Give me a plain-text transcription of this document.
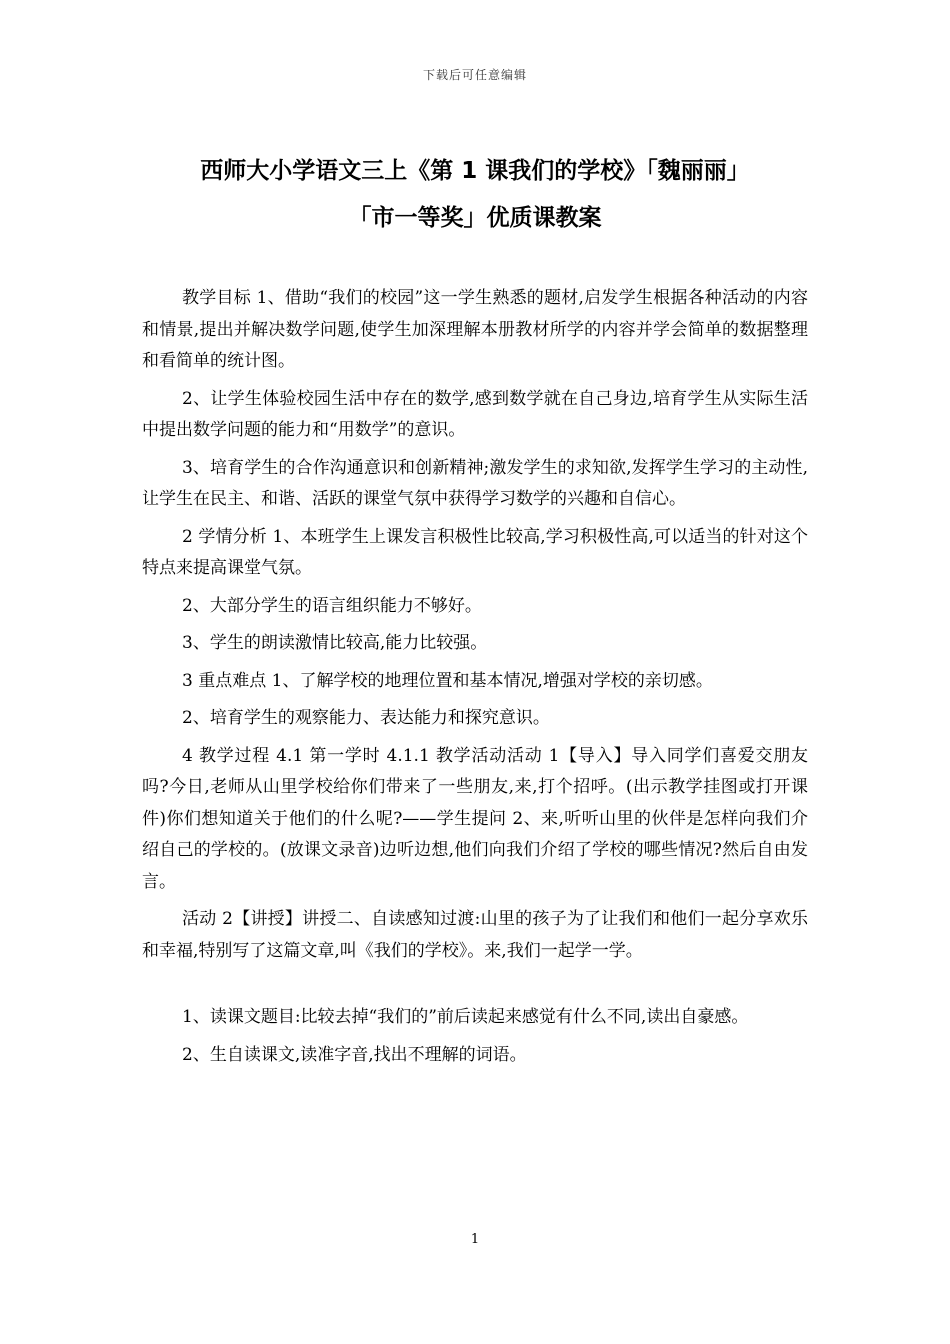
下载后可任意编辑
西师大小学语文三上《第 1 课我们的学校》「魏丽丽」
「市一等奖」优质课教案

教学目标 1、借助“我们的校园”这一学生熟悉的题材,启发学生根据各种活动的内容和情景,提出并解决数学问题,使学生加深理解本册教材所学的内容并学会简单的数据整理和看简单的统计图。

2、让学生体验校园生活中存在的数学,感到数学就在自己身边,培育学生从实际生活中提出数学问题的能力和“用数学”的意识。

3、培育学生的合作沟通意识和创新精神;激发学生的求知欲,发挥学生学习的主动性,让学生在民主、和谐、活跃的课堂气氛中获得学习数学的兴趣和自信心。

2 学情分析 1、本班学生上课发言积极性比较高,学习积极性高,可以适当的针对这个特点来提高课堂气氛。

2、大部分学生的语言组织能力不够好。

3、学生的朗读激情比较高,能力比较强。

3 重点难点 1、了解学校的地理位置和基本情况,增强对学校的亲切感。

2、培育学生的观察能力、表达能力和探究意识。

4 教学过程 4.1 第一学时 4.1.1 教学活动活动 1【导入】导入同学们喜爱交朋友吗?今日,老师从山里学校给你们带来了一些朋友,来,打个招呼。(出示教学挂图或打开课件)你们想知道关于他们的什么呢?——学生提问 2、来,听听山里的伙伴是怎样向我们介绍自己的学校的。(放课文录音)边听边想,他们向我们介绍了学校的哪些情况?然后自由发言。

活动 2【讲授】讲授二、自读感知过渡:山里的孩子为了让我们和他们一起分享欢乐和幸福,特别写了这篇文章,叫《我们的学校》。来,我们一起学一学。

1、读课文题目:比较去掉“我们的”前后读起来感觉有什么不同,读出自豪感。

2、生自读课文,读准字音,找出不理解的词语。

1
